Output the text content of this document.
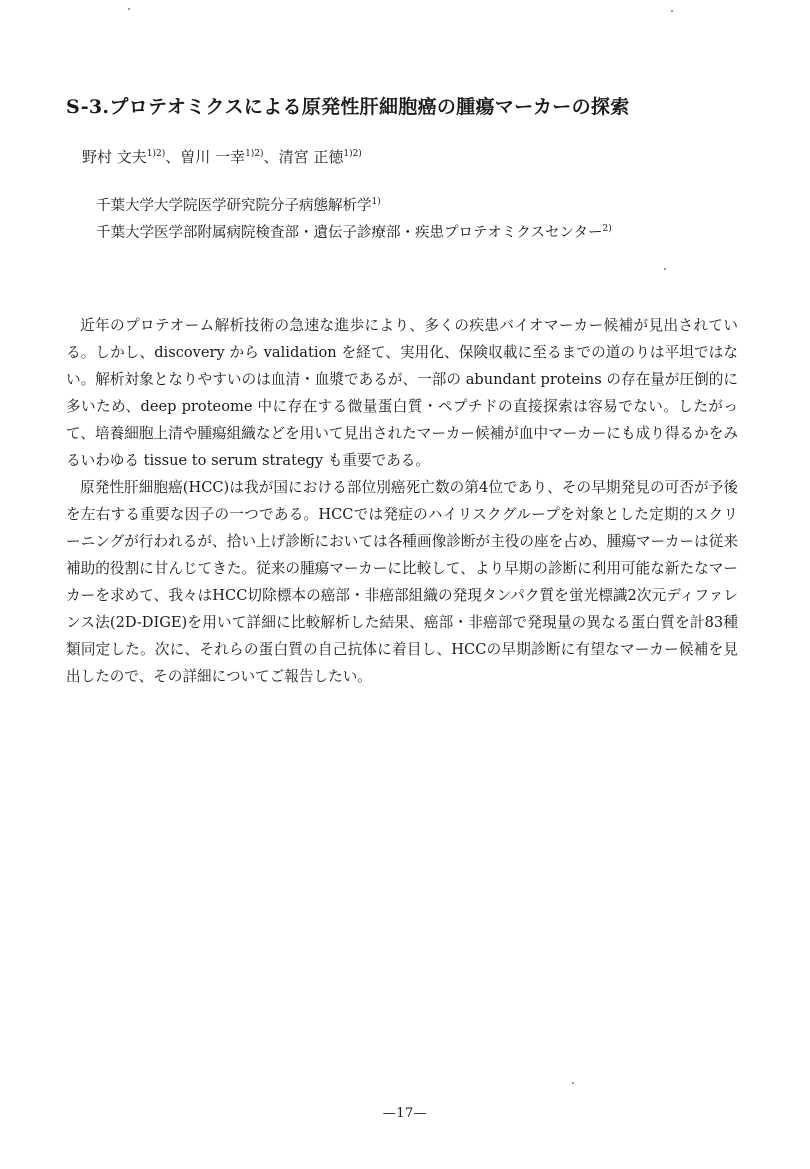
S-3.プロテオミクスによる原発性肝細胞癌の腫瘍マーカーの探索
野村 文夫$^{1)2)}$、曽川 一幸$^{1)2)}$、清宮 正徳$^{1)2)}$
千葉大学大学院医学研究院分子病態解析学$^{1)}$
千葉大学医学部附属病院検査部・遺伝子診療部・疾患プロテオミクスセンター$^{2)}$

近年のプロテオーム解析技術の急速な進歩により、多くの疾患バイオマーカー候補が見出されている。しかし、discovery から validation を経て、実用化、保険収載に至るまでの道のりは平坦ではない。解析対象となりやすいのは血清・血漿であるが、一部の abundant proteins の存在量が圧倒的に多いため、deep proteome 中に存在する微量蛋白質・ペプチドの直接探索は容易でない。したがって、培養細胞上清や腫瘍組織などを用いて見出されたマーカー候補が血中マーカーにも成り得るかをみるいわゆる tissue to serum strategy も重要である。

原発性肝細胞癌(HCC)は我が国における部位別癌死亡数の第4位であり、その早期発見の可否が予後を左右する重要な因子の一つである。HCCでは発症のハイリスクグループを対象とした定期的スクリーニングが行われるが、拾い上げ診断においては各種画像診断が主役の座を占め、腫瘍マーカーは従来補助的役割に甘んじてきた。従来の腫瘍マーカーに比較して、より早期の診断に利用可能な新たなマーカーを求めて、我々はHCC切除標本の癌部・非癌部組織の発現タンパク質を蛍光標識2次元ディファレンス法(2D-DIGE)を用いて詳細に比較解析した結果、癌部・非癌部で発現量の異なる蛋白質を計83種類同定した。次に、それらの蛋白質の自己抗体に着目し、HCCの早期診断に有望なマーカー候補を見出したので、その詳細についてご報告したい。

—17—
